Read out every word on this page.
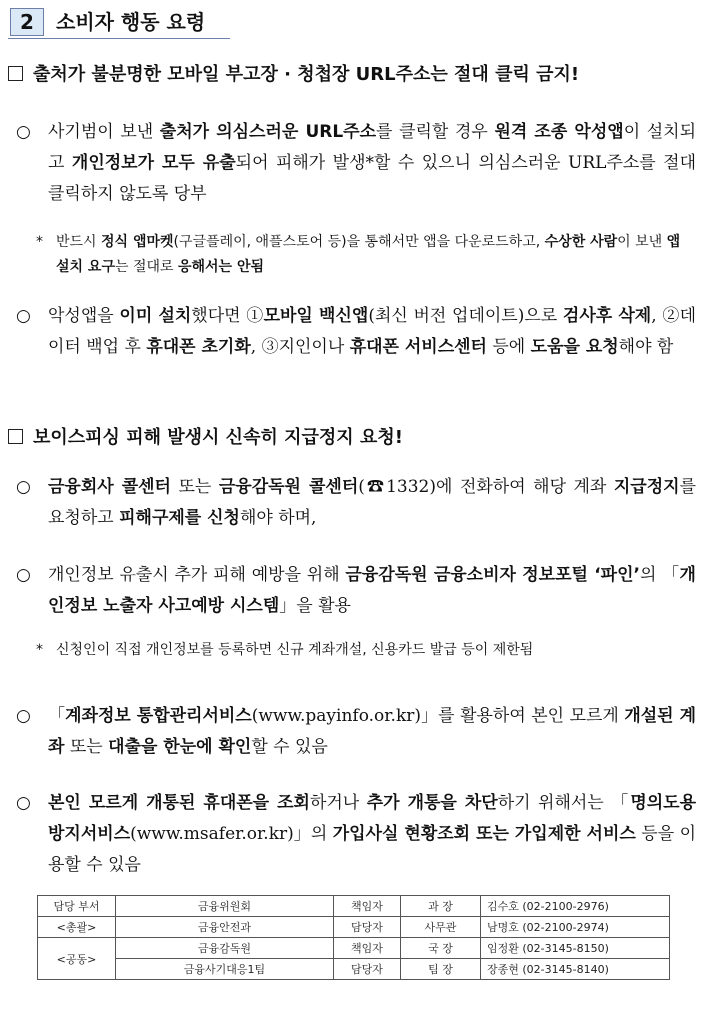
2	소비자 행동 요령
출처가 불분명한 모바일 부고장 · 청첩장 URL주소는 절대 클릭 금지!
○ 사기범이 보낸 출처가 의심스러운 URL주소를 클릭할 경우 원격 조종 악성앱이 설치되고 개인정보가 모두 유출되어 피해가 발생*할 수 있으니 의심스러운 URL주소를 절대 클릭하지 않도록 당부
* 반드시 정식 앱마켓(구글플레이, 애플스토어 등)을 통해서만 앱을 다운로드하고, 수상한 사람이 보낸 앱 설치 요구는 절대로 응해서는 안됨
○ 악성앱을 이미 설치했다면 ①모바일 백신앱(최신 버전 업데이트)으로 검사후 삭제, ②데이터 백업 후 휴대폰 초기화, ③지인이나 휴대폰 서비스센터 등에 도움을 요청해야 함
보이스피싱 피해 발생시 신속히 지급정지 요청!
○ 금융회사 콜센터 또는 금융감독원 콜센터(☎1332)에 전화하여 해당 계좌 지급정지를 요청하고 피해구제를 신청해야 하며,
○ 개인정보 유출시 추가 피해 예방을 위해 금융감독원 금융소비자 정보포털 ‘파인’의 「개인정보 노출자 사고예방 시스템」을 활용
* 신청인이 직접 개인정보를 등록하면 신규 계좌개설, 신용카드 발급 등이 제한됨
○ 「계좌정보 통합관리서비스(www.payinfo.or.kr)」를 활용하여 본인 모르게 개설된 계좌 또는 대출을 한눈에 확인할 수 있음
○ 본인 모르게 개통된 휴대폰을 조회하거나 추가 개통을 차단하기 위해서는 「명의도용 방지서비스(www.msafer.or.kr)」의 가입사실 현황조회 또는 가입제한 서비스 등을 이용할 수 있음
담당 부서	금융위원회	책임자	과 장	김수호 (02-2100-2976)
<총괄>	금융안전과	담당자	사무관	남명호 (02-2100-2974)
<공동>	금융감독원	책임자	국 장	임정환 (02-3145-8150)
	금융사기대응1팀	담당자	팀 장	장종현 (02-3145-8140)
